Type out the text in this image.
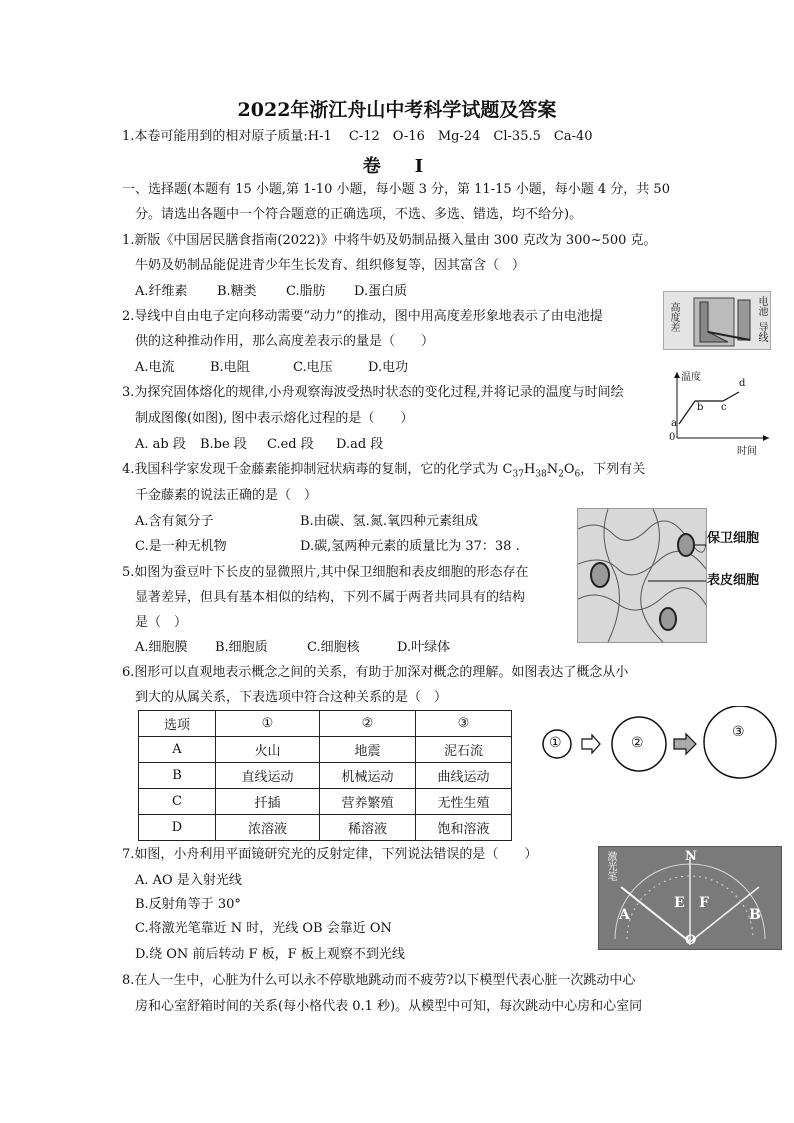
2022年浙江舟山中考科学试题及答案
1.本卷可能用到的相对原子质量:H-1　 C-12　O-16　Mg-24　Cl-35.5　Ca-40
卷　I
一、选择题(本题有 15 小题,第 1-10 小题，每小题 3 分，第 11-15 小题，每小题 4 分，共 50
分。请选出各题中一个符合题意的正确选项，不选、多选、错选，均不给分)。
1.新版《中国居民膳食指南(2022)》中将牛奶及奶制品摄入量由 300 克改为 300~500 克。
牛奶及奶制品能促进青少年生长发育、组织修复等，因其富含（　）
A.纤维素 B.糖类 C.脂肪 D.蛋白质
高度差	电池
导线
2.导线中自由电子定向移动需要“动力”的推动，图中用高度差形象地表示了由电池提
供的这种推动作用，那么高度差表示的量是（　　）
A.电流	B.电阻	C.电压	D.电功
温度
时间
0
a
b c
d
3.为探究固体熔化的规律,小舟观察海波受热时状态的变化过程,并将记录的温度与时间绘
制成图像(如图), 图中表示熔化过程的是（　　）
A. ab 段 B.be 段 C.ed 段 D.ad 段
4.我国科学家发现千金藤素能抑制冠状病毒的复制，它的化学式为 $C_{37}H_{38}N_2O_6$，下列有关
千金藤素的说法正确的是（　）
A.含有氮分子	B.由碳、氢.氮.氧四种元素组成
C.是一种无机物	D.碳,氢两种元素的质量比为 37：38 .
保卫细胞
表皮细胞
5.如图为蚕豆叶下长皮的显微照片,其中保卫细胞和表皮细胞的形态存在
显著差异，但具有基本相似的结构，下列不属于两者共同具有的结构
是（　）
A.细胞膜 B.细胞质	C.细胞核	D.叶绿体
6.图形可以直观地表示概念之间的关系，有助于加深对概念的理解。如图表达了概念从小
到大的从属关系，下表选项中符合这种关系的是（　）
选项	①	②	③
A	火山	地震	泥石流
B	直线运动	机械运动	曲线运动
C	扦插	营养繁殖	无性生殖
D	浓溶液	稀溶液	饱和溶液
①	②
③
激光笔	N
E F
O
A	B
7.如图，小舟利用平面镜研究光的反射定律，下列说法错误的是（　　）
A. AO 是入射光线
B.反射角等于 30°
C.将激光笔靠近 N 时，光线 OB 会靠近 ON
D.绕 ON 前后转动 F 板，F 板上观察不到光线
8.在人一生中，心脏为什么可以永不停歇地跳动而不疲劳?以下模型代表心脏一次跳动中心
房和心室舒箱时间的关系(每小格代表 0.1 秒)。从模型中可知，每次跳动中心房和心室同
